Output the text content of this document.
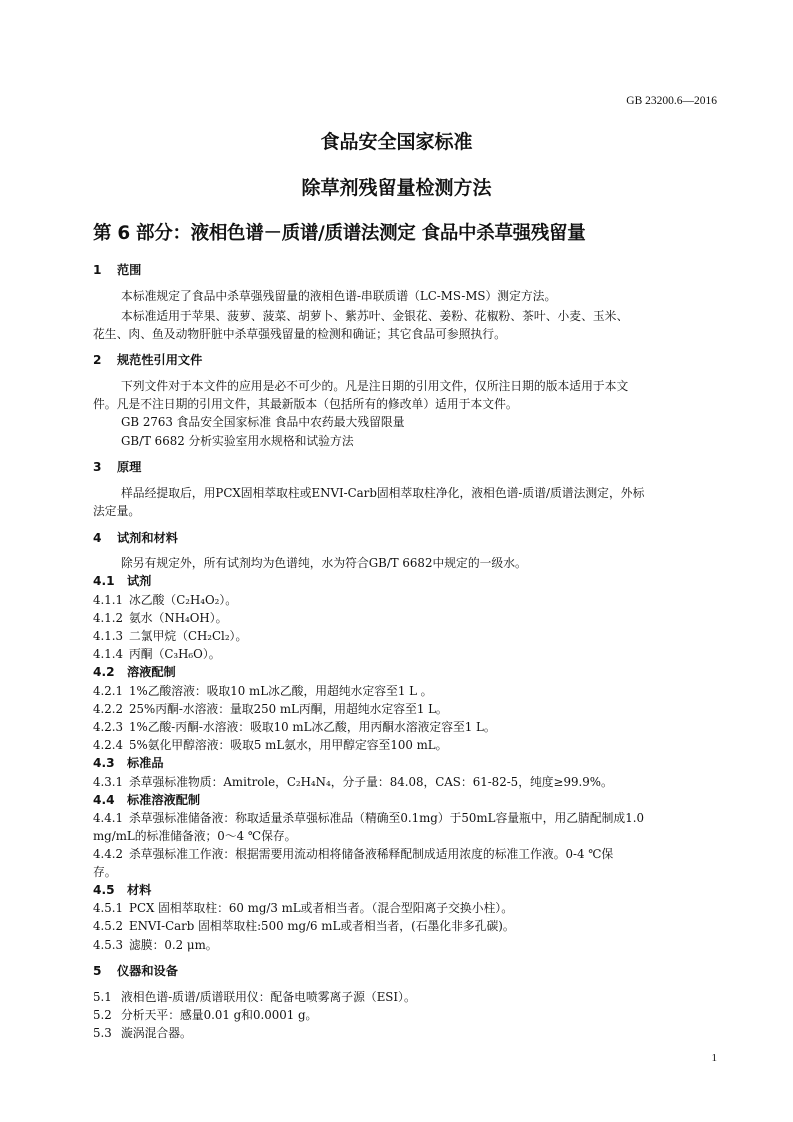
GB 23200.6—2016
食品安全国家标准
除草剂残留量检测方法
第 6 部分：液相色谱－质谱/质谱法测定 食品中杀草强残留量
1 范围
本标准规定了食品中杀草强残留量的液相色谱-串联质谱（LC-MS-MS）测定方法。
本标准适用于苹果、菠萝、菠菜、胡萝卜、紫苏叶、金银花、姜粉、花椒粉、茶叶、小麦、玉米、
花生、肉、鱼及动物肝脏中杀草强残留量的检测和确证；其它食品可参照执行。
2 规范性引用文件
下列文件对于本文件的应用是必不可少的。凡是注日期的引用文件，仅所注日期的版本适用于本文
件。凡是不注日期的引用文件，其最新版本（包括所有的修改单）适用于本文件。
GB 2763 食品安全国家标准 食品中农药最大残留限量
GB/T 6682 分析实验室用水规格和试验方法
3 原理
样品经提取后，用PCX固相萃取柱或ENVI-Carb固相萃取柱净化，液相色谱-质谱/质谱法测定，外标
法定量。
4 试剂和材料
除另有规定外，所有试剂均为色谱纯，水为符合GB/T 6682中规定的一级水。
4.1 试剂
4.1.1 冰乙酸（C₂H₄O₂）。
4.1.2 氨水（NH₄OH）。
4.1.3 二氯甲烷（CH₂Cl₂）。
4.1.4 丙酮（C₃H₆O）。
4.2 溶液配制
4.2.1 1%乙酸溶液：吸取10 mL冰乙酸，用超纯水定容至1 L 。
4.2.2 25%丙酮-水溶液：量取250 mL丙酮，用超纯水定容至1 L。
4.2.3 1%乙酸-丙酮-水溶液：吸取10 mL冰乙酸，用丙酮水溶液定容至1 L。
4.2.4 5%氨化甲醇溶液：吸取5 mL氨水，用甲醇定容至100 mL。
4.3 标准品
4.3.1 杀草强标准物质：Amitrole，C₂H₄N₄，分子量：84.08，CAS：61-82-5，纯度≥99.9%。
4.4 标准溶液配制
4.4.1 杀草强标准储备液：称取适量杀草强标准品（精确至0.1mg）于50mL容量瓶中，用乙腈配制成1.0
mg/mL的标准储备液；0～4 ℃保存。
4.4.2 杀草强标准工作液：根据需要用流动相将储备液稀释配制成适用浓度的标准工作液。0-4 ℃保
存。
4.5 材料
4.5.1 PCX 固相萃取柱：60 mg/3 mL或者相当者。（混合型阳离子交换小柱）。
4.5.2 ENVI-Carb 固相萃取柱:500 mg/6 mL或者相当者，(石墨化非多孔碳)。
4.5.3 滤膜：0.2 μm。
5 仪器和设备
5.1 液相色谱-质谱/质谱联用仪：配备电喷雾离子源（ESI）。
5.2 分析天平：感量0.01 g和0.0001 g。
5.3 漩涡混合器。
1
